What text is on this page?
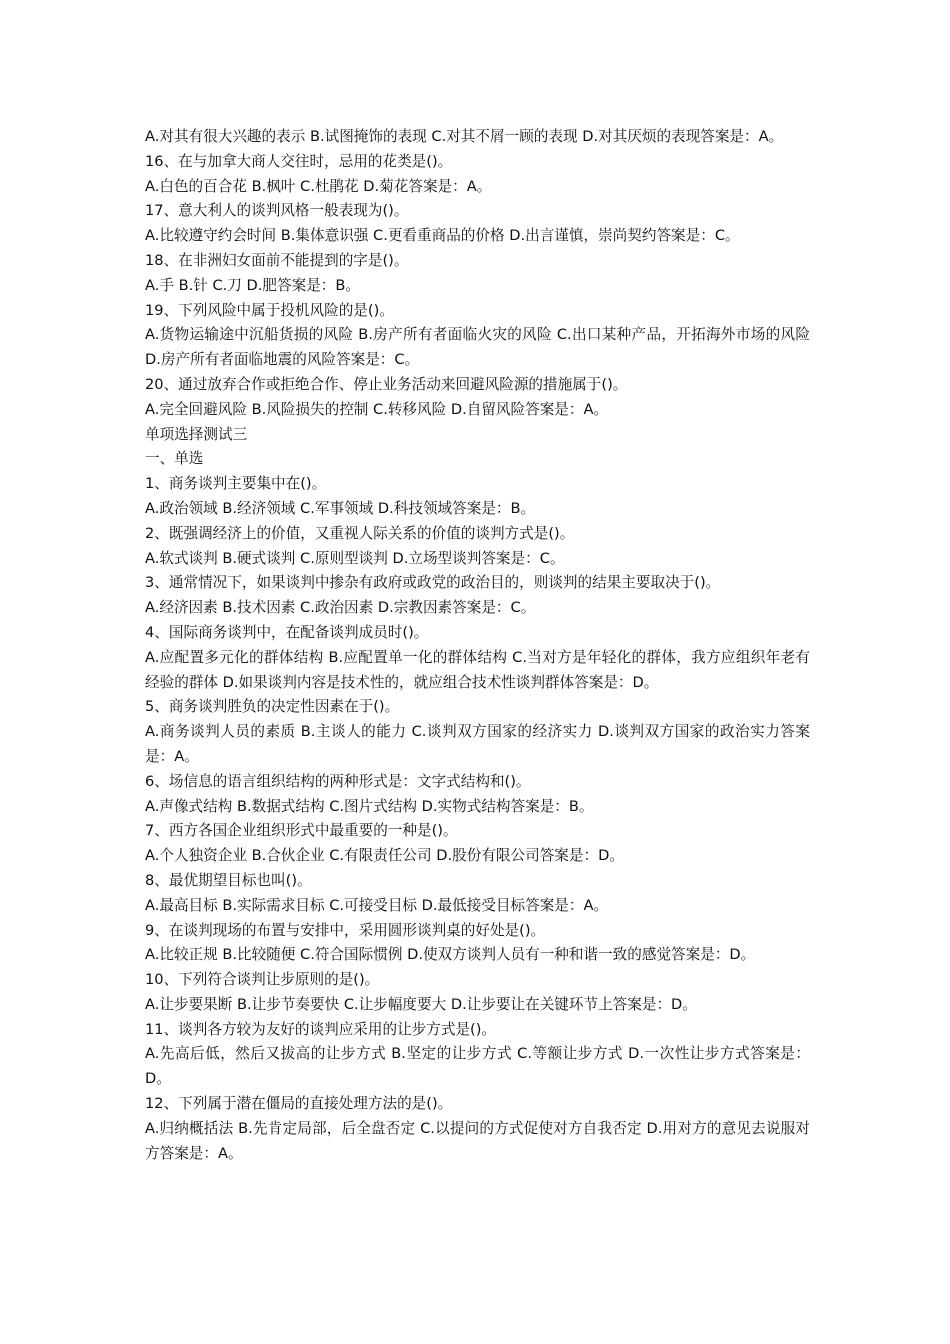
A.对其有很大兴趣的表示 B.试图掩饰的表现 C.对其不屑一顾的表现 D.对其厌烦的表现答案是：A。

16、在与加拿大商人交往时，忌用的花类是()。

A.白色的百合花 B.枫叶 C.杜鹃花 D.菊花答案是：A。

17、意大利人的谈判风格一般表现为()。

A.比较遵守约会时间 B.集体意识强 C.更看重商品的价格 D.出言谨慎，崇尚契约答案是：C。

18、在非洲妇女面前不能提到的字是()。

A.手 B.针 C.刀 D.肥答案是：B。

19、下列风险中属于投机风险的是()。

A.货物运输途中沉船货损的风险 B.房产所有者面临火灾的风险 C.出口某种产品，开拓海外市场的风险 D.房产所有者面临地震的风险答案是：C。

20、通过放弃合作或拒绝合作、停止业务活动来回避风险源的措施属于()。

A.完全回避风险 B.风险损失的控制 C.转移风险 D.自留风险答案是：A。

单项选择测试三

一、单选

1、商务谈判主要集中在()。

A.政治领域 B.经济领域 C.军事领域 D.科技领域答案是：B。

2、既强调经济上的价值，又重视人际关系的价值的谈判方式是()。

A.软式谈判 B.硬式谈判 C.原则型谈判 D.立场型谈判答案是：C。

3、通常情况下，如果谈判中掺杂有政府或政党的政治目的，则谈判的结果主要取决于()。

A.经济因素 B.技术因素 C.政治因素 D.宗教因素答案是：C。

4、国际商务谈判中，在配备谈判成员时()。

A.应配置多元化的群体结构 B.应配置单一化的群体结构 C.当对方是年轻化的群体，我方应组织年老有经验的群体 D.如果谈判内容是技术性的，就应组合技术性谈判群体答案是：D。

5、商务谈判胜负的决定性因素在于()。

A.商务谈判人员的素质 B.主谈人的能力 C.谈判双方国家的经济实力 D.谈判双方国家的政治实力答案是：A。

6、场信息的语言组织结构的两种形式是：文字式结构和()。

A.声像式结构 B.数据式结构 C.图片式结构 D.实物式结构答案是：B。

7、西方各国企业组织形式中最重要的一种是()。

A.个人独资企业 B.合伙企业 C.有限责任公司 D.股份有限公司答案是：D。

8、最优期望目标也叫()。

A.最高目标 B.实际需求目标 C.可接受目标 D.最低接受目标答案是：A。

9、在谈判现场的布置与安排中，采用圆形谈判桌的好处是()。

A.比较正规 B.比较随便 C.符合国际惯例 D.使双方谈判人员有一种和谐一致的感觉答案是：D。

10、下列符合谈判让步原则的是()。

A.让步要果断 B.让步节奏要快 C.让步幅度要大 D.让步要让在关键环节上答案是：D。

11、谈判各方较为友好的谈判应采用的让步方式是()。

A.先高后低，然后又拔高的让步方式 B.坚定的让步方式 C.等额让步方式 D.一次性让步方式答案是：D。

12、下列属于潜在僵局的直接处理方法的是()。

A.归纳概括法 B.先肯定局部，后全盘否定 C.以提问的方式促使对方自我否定 D.用对方的意见去说服对方答案是：A。
